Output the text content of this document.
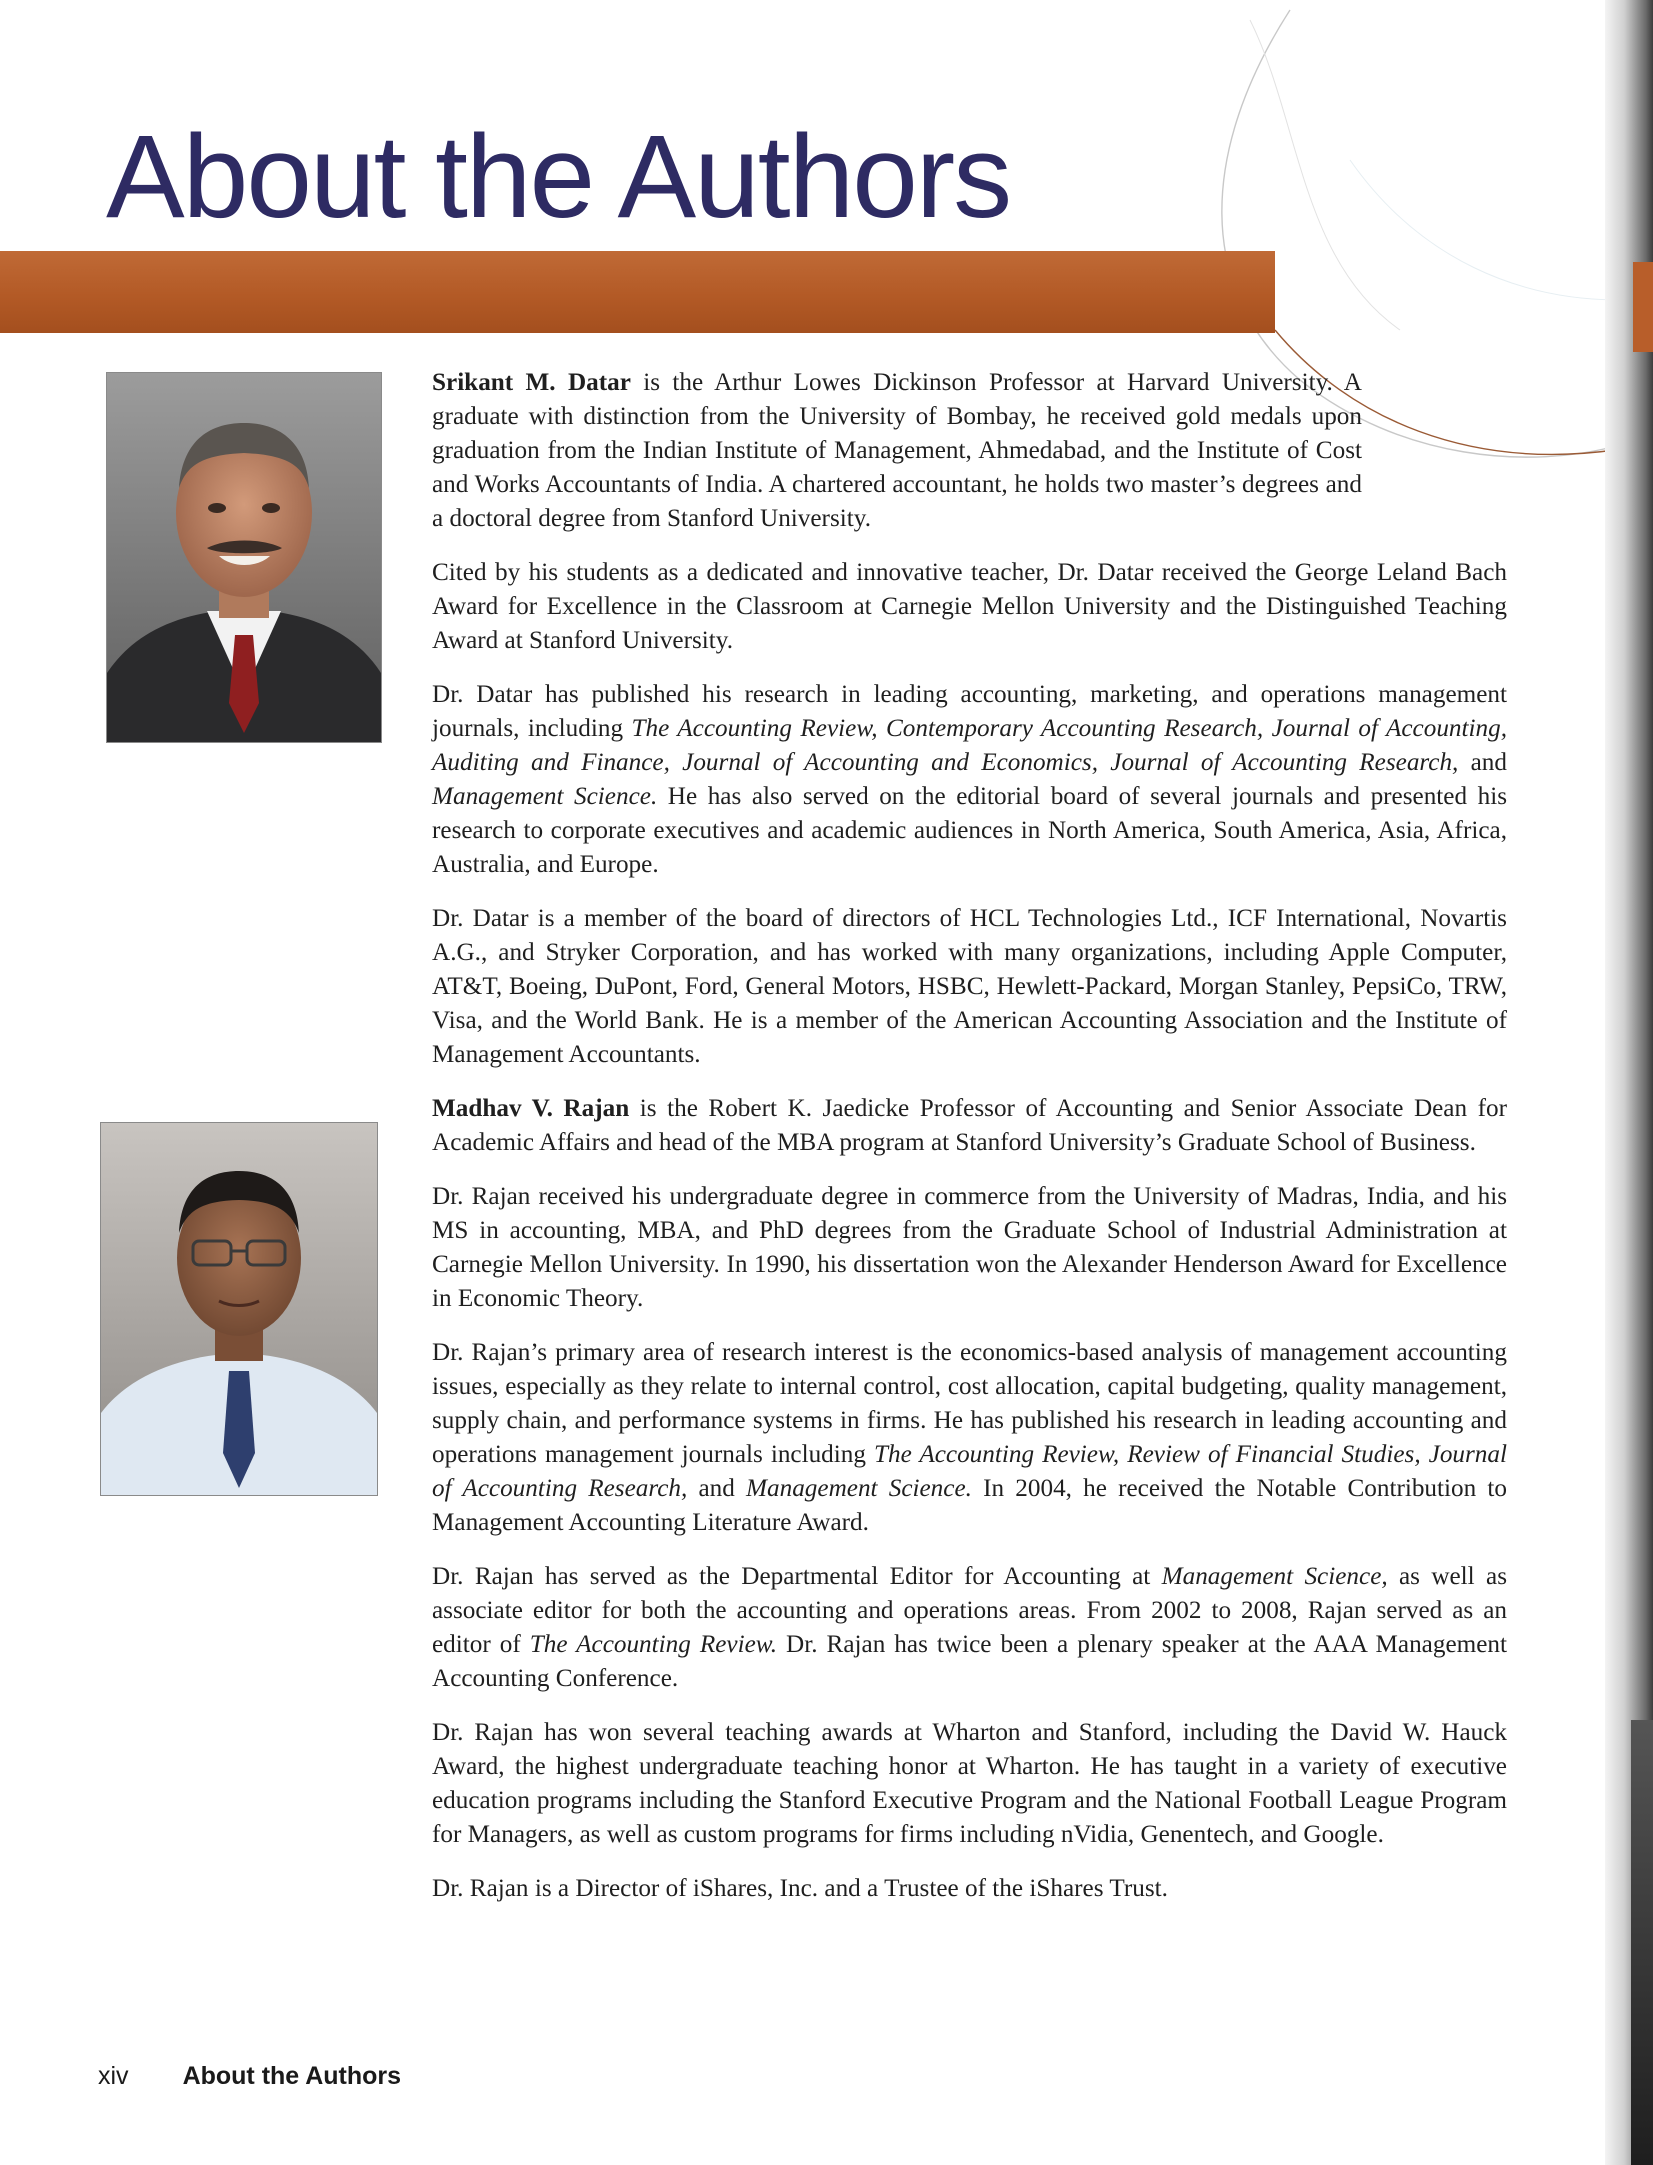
About the Authors

Srikant M. Datar is the Arthur Lowes Dickinson Professor at Harvard University. A graduate with distinction from the University of Bombay, he received gold medals upon graduation from the Indian Institute of Management, Ahmedabad, and the Institute of Cost and Works Accountants of India. A chartered accountant, he holds two master’s degrees and a doctoral degree from Stanford University.

Cited by his students as a dedicated and innovative teacher, Dr. Datar received the George Leland Bach Award for Excellence in the Classroom at Carnegie Mellon University and the Distinguished Teaching Award at Stanford University.

Dr. Datar has published his research in leading accounting, marketing, and operations management journals, including The Accounting Review, Contemporary Accounting Research, Journal of Accounting, Auditing and Finance, Journal of Accounting and Economics, Journal of Accounting Research, and Management Science. He has also served on the editorial board of several journals and presented his research to corporate executives and academic audiences in North America, South America, Asia, Africa, Australia, and Europe.

Dr. Datar is a member of the board of directors of HCL Technologies Ltd., ICF International, Novartis A.G., and Stryker Corporation, and has worked with many organizations, including Apple Computer, AT&T, Boeing, DuPont, Ford, General Motors, HSBC, Hewlett-Packard, Morgan Stanley, PepsiCo, TRW, Visa, and the World Bank. He is a member of the American Accounting Association and the Institute of Management Accountants.

Madhav V. Rajan is the Robert K. Jaedicke Professor of Accounting and Senior Associate Dean for Academic Affairs and head of the MBA program at Stanford University’s Graduate School of Business.

Dr. Rajan received his undergraduate degree in commerce from the University of Madras, India, and his MS in accounting, MBA, and PhD degrees from the Graduate School of Industrial Administration at Carnegie Mellon University. In 1990, his dissertation won the Alexander Henderson Award for Excellence in Economic Theory.

Dr. Rajan’s primary area of research interest is the economics-based analysis of management accounting issues, especially as they relate to internal control, cost allocation, capital budgeting, quality management, supply chain, and performance systems in firms. He has published his research in leading accounting and operations management journals including The Accounting Review, Review of Financial Studies, Journal of Accounting Research, and Management Science. In 2004, he received the Notable Contribution to Management Accounting Literature Award.

Dr. Rajan has served as the Departmental Editor for Accounting at Management Science, as well as associate editor for both the accounting and operations areas. From 2002 to 2008, Rajan served as an editor of The Accounting Review. Dr. Rajan has twice been a plenary speaker at the AAA Management Accounting Conference.

Dr. Rajan has won several teaching awards at Wharton and Stanford, including the David W. Hauck Award, the highest undergraduate teaching honor at Wharton. He has taught in a variety of executive education programs including the Stanford Executive Program and the National Football League Program for Managers, as well as custom programs for firms including nVidia, Genentech, and Google.

Dr. Rajan is a Director of iShares, Inc. and a Trustee of the iShares Trust.

xiv About the Authors
